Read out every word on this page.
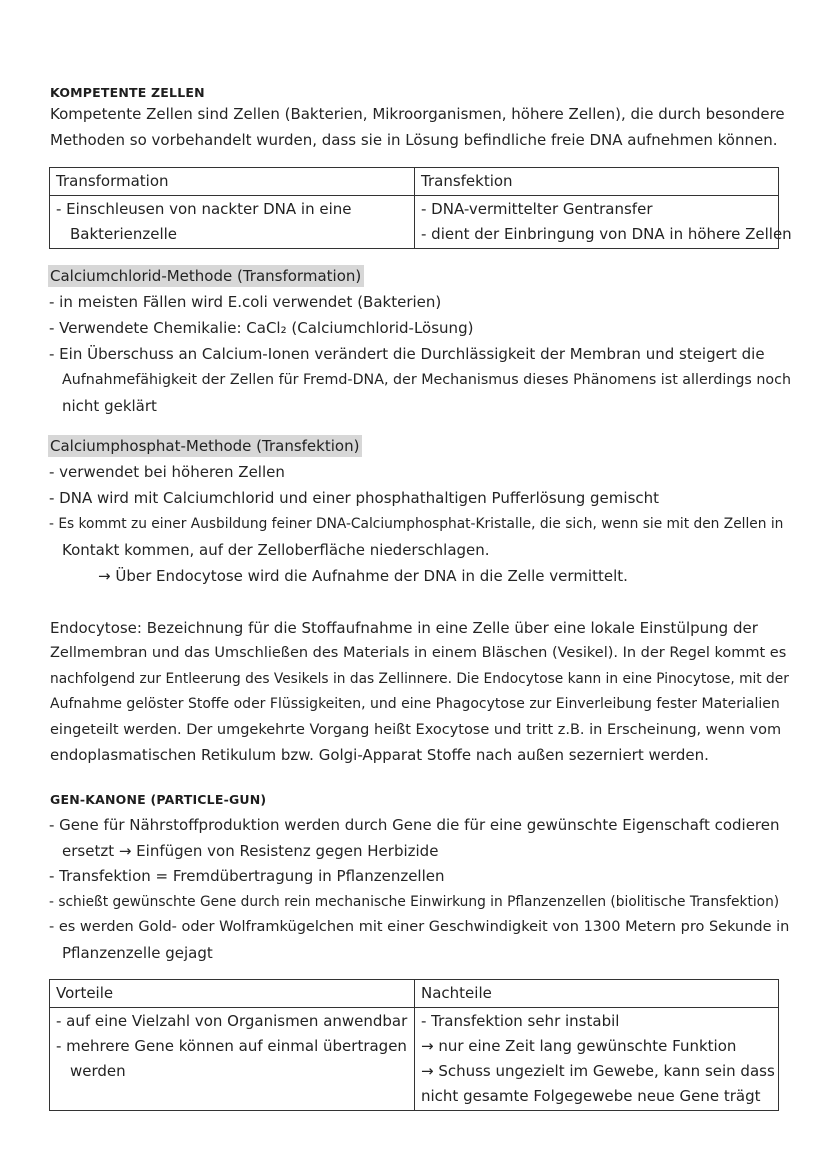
KOMPETENTE ZELLEN
Kompetente Zellen sind Zellen (Bakterien, Mikroorganismen, höhere Zellen), die durch besondere
Methoden so vorbehandelt wurden, dass sie in Lösung befindliche freie DNA aufnehmen können.
Transformation	Transfektion

- Einschleusen von nackter DNA in eine
Bakterienzelle	- DNA-vermittelter Gentransfer
- dient der Einbringung von DNA in höhere Zellen
Calciumchlorid-Methode (Transformation)
- in meisten Fällen wird E.coli verwendet (Bakterien)
- Verwendete Chemikalie: CaCl₂ (Calciumchlorid-Lösung)
- Ein Überschuss an Calcium-Ionen verändert die Durchlässigkeit der Membran und steigert die
Aufnahmefähigkeit der Zellen für Fremd-DNA, der Mechanismus dieses Phänomens ist allerdings noch
nicht geklärt
Calciumphosphat-Methode (Transfektion)
- verwendet bei höheren Zellen
- DNA wird mit Calciumchlorid und einer phosphathaltigen Pufferlösung gemischt
- Es kommt zu einer Ausbildung feiner DNA-Calciumphosphat-Kristalle, die sich, wenn sie mit den Zellen in
Kontakt kommen, auf der Zelloberfläche niederschlagen.
→ Über Endocytose wird die Aufnahme der DNA in die Zelle vermittelt.
Endocytose: Bezeichnung für die Stoffaufnahme in eine Zelle über eine lokale Einstülpung der
Zellmembran und das Umschließen des Materials in einem Bläschen (Vesikel). In der Regel kommt es
nachfolgend zur Entleerung des Vesikels in das Zellinnere. Die Endocytose kann in eine Pinocytose, mit der
Aufnahme gelöster Stoffe oder Flüssigkeiten, und eine Phagocytose zur Einverleibung fester Materialien
eingeteilt werden. Der umgekehrte Vorgang heißt Exocytose und tritt z.B. in Erscheinung, wenn vom
endoplasmatischen Retikulum bzw. Golgi-Apparat Stoffe nach außen sezerniert werden.
GEN-KANONE (PARTICLE-GUN)
- Gene für Nährstoffproduktion werden durch Gene die für eine gewünschte Eigenschaft codieren
ersetzt → Einfügen von Resistenz gegen Herbizide
- Transfektion = Fremdübertragung in Pflanzenzellen
- schießt gewünschte Gene durch rein mechanische Einwirkung in Pflanzenzellen (biolitische Transfektion)
- es werden Gold- oder Wolframkügelchen mit einer Geschwindigkeit von 1300 Metern pro Sekunde in
Pflanzenzelle gejagt
Vorteile	Nachteile

- auf eine Vielzahl von Organismen anwendbar
- mehrere Gene können auf einmal übertragen
werden	- Transfektion sehr instabil
→ nur eine Zeit lang gewünschte Funktion
→ Schuss ungezielt im Gewebe, kann sein dass
nicht gesamte Folgegewebe neue Gene trägt
